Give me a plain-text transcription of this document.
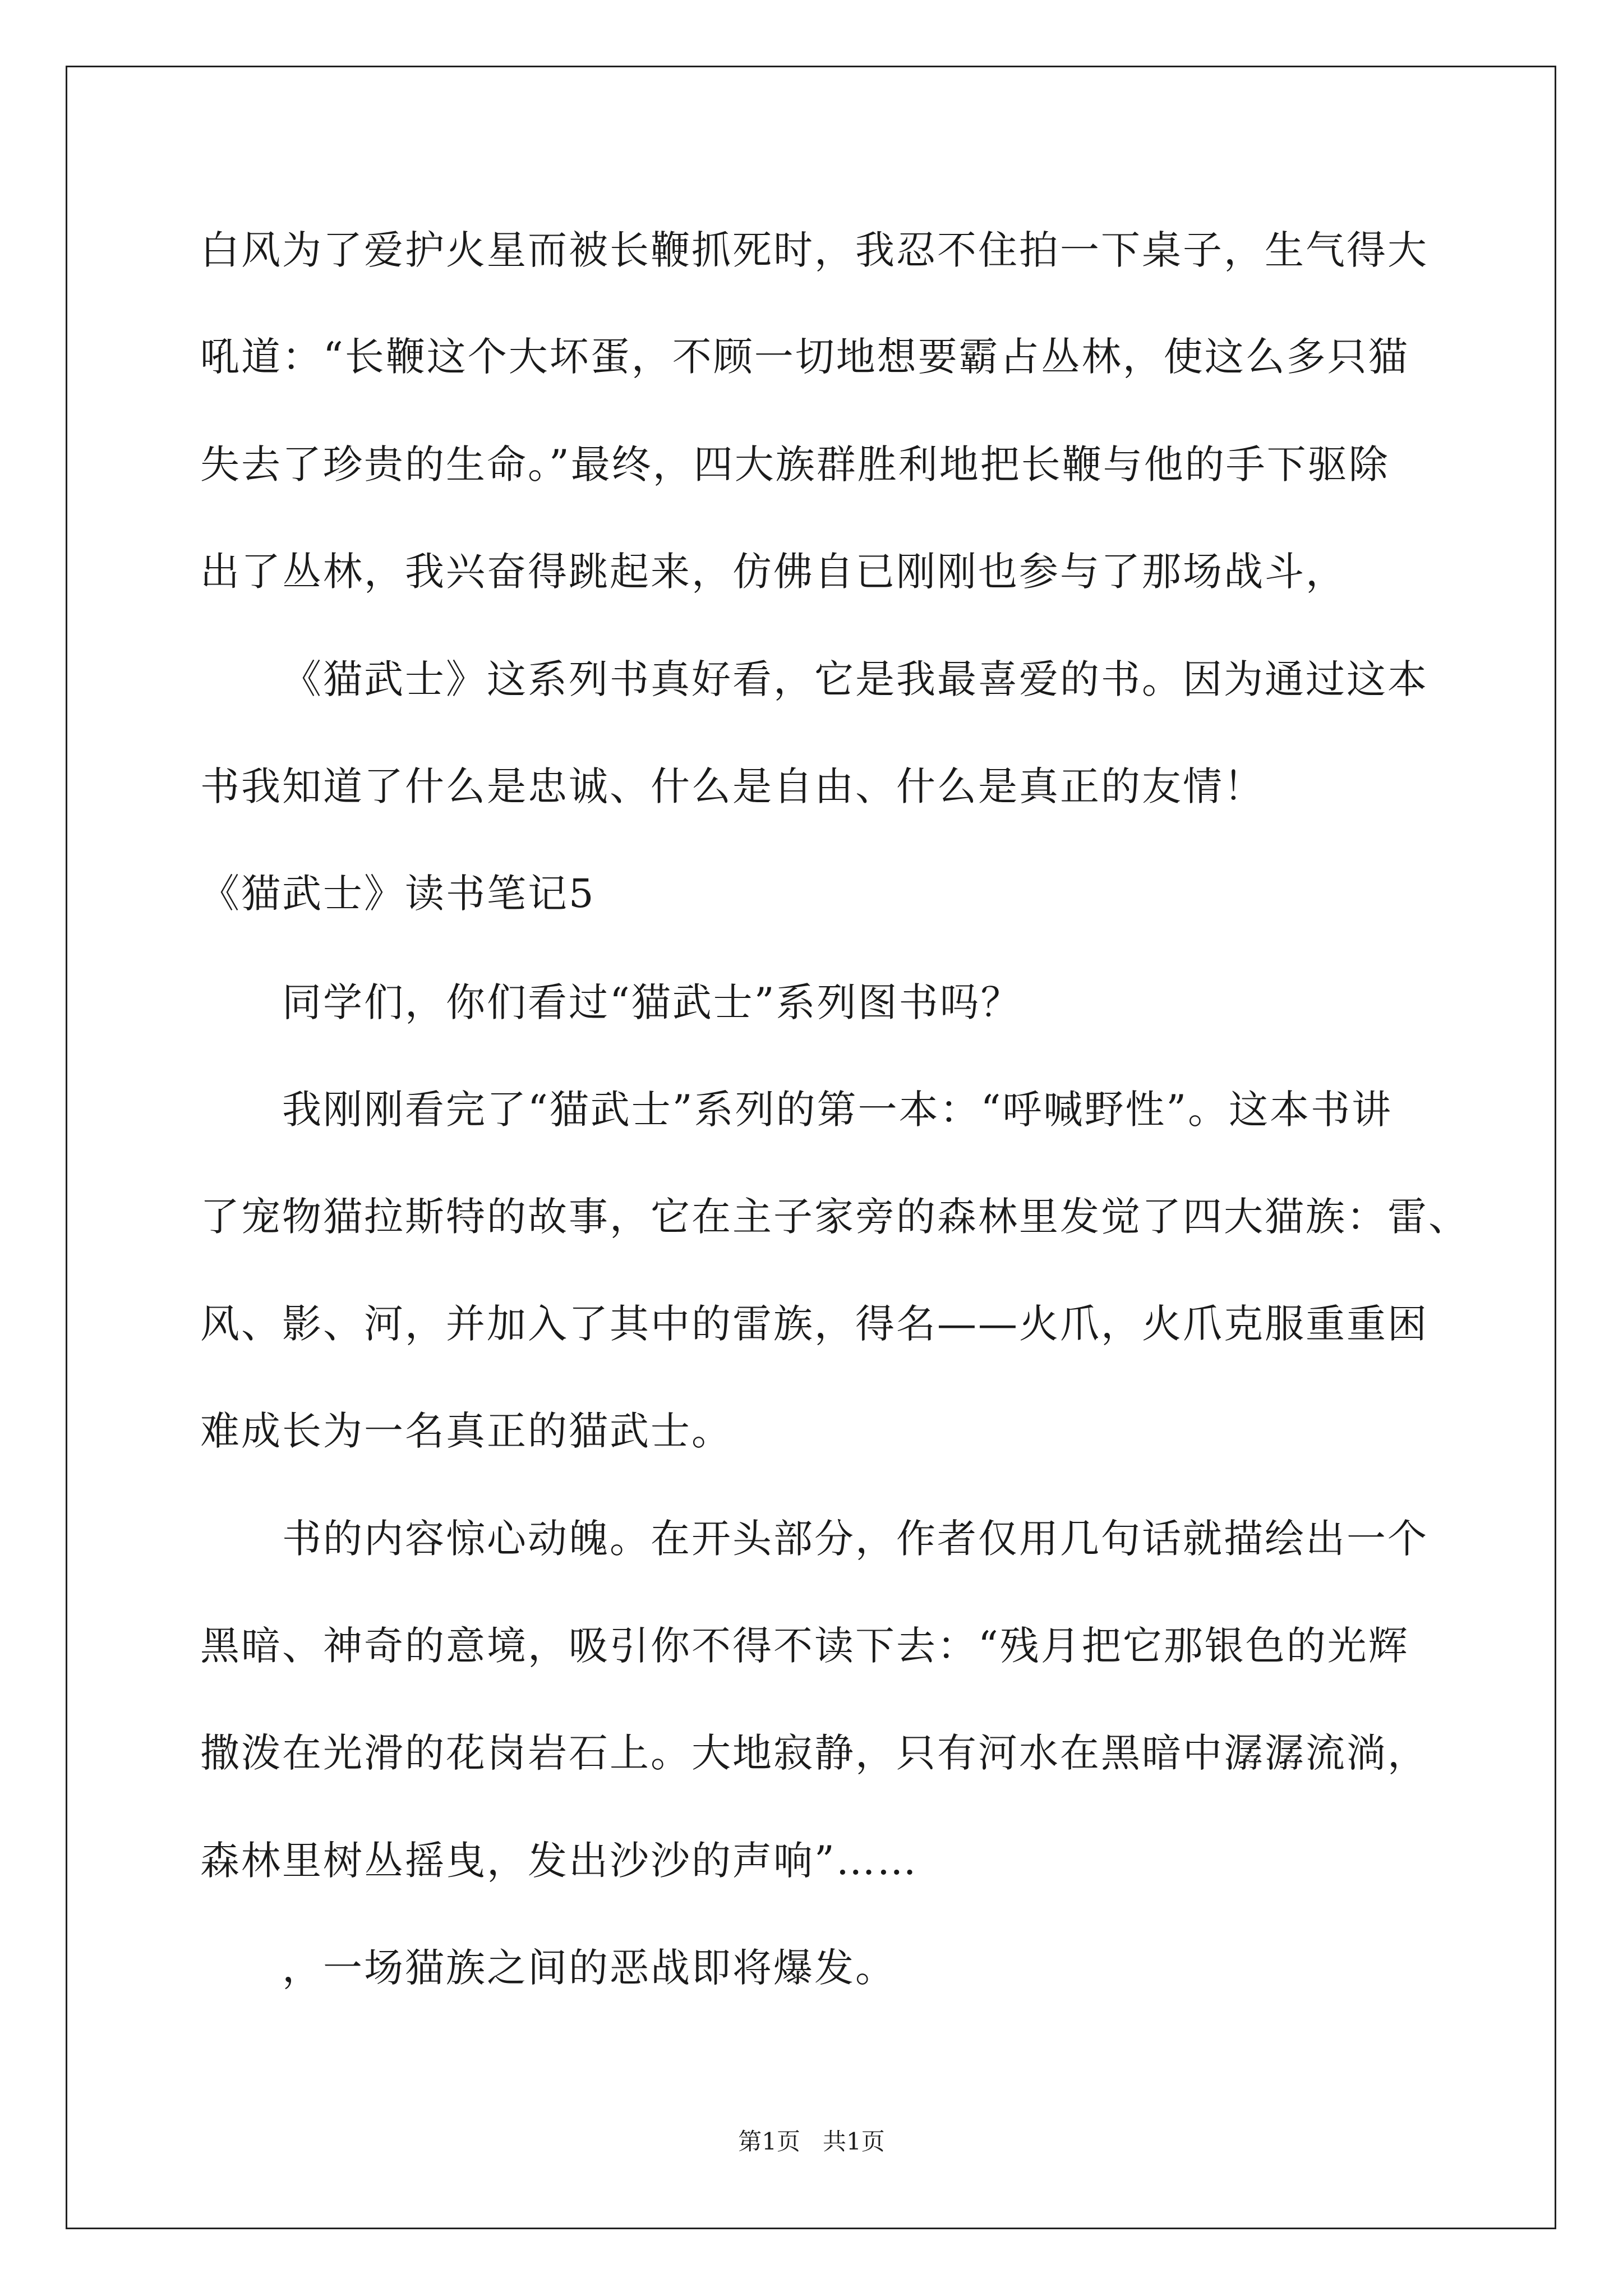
白风为了爱护火星而被长鞭抓死时，我忍不住拍一下桌子，生气得大
吼道：“长鞭这个大坏蛋，不顾一切地想要霸占丛林，使这么多只猫
失去了珍贵的生命。”最终，四大族群胜利地把长鞭与他的手下驱除
出了丛林，我兴奋得跳起来，仿佛自已刚刚也参与了那场战斗，
《猫武士》这系列书真好看，它是我最喜爱的书。因为通过这本
书我知道了什么是忠诚、什么是自由、什么是真正的友情！
《猫武士》读书笔记5
同学们，你们看过“猫武士”系列图书吗？
我刚刚看完了“猫武士”系列的第一本：“呼喊野性”。这本书讲
了宠物猫拉斯特的故事，它在主子家旁的森林里发觉了四大猫族：雷、
风、影、河，并加入了其中的雷族，得名——火爪，火爪克服重重困
难成长为一名真正的猫武士。
书的内容惊心动魄。在开头部分，作者仅用几句话就描绘出一个
黑暗、神奇的意境，吸引你不得不读下去：“残月把它那银色的光辉
撒泼在光滑的花岗岩石上。大地寂静，只有河水在黑暗中潺潺流淌，
森林里树丛摇曳，发出沙沙的声响”……
，一场猫族之间的恶战即将爆发。
第1页   共1页
